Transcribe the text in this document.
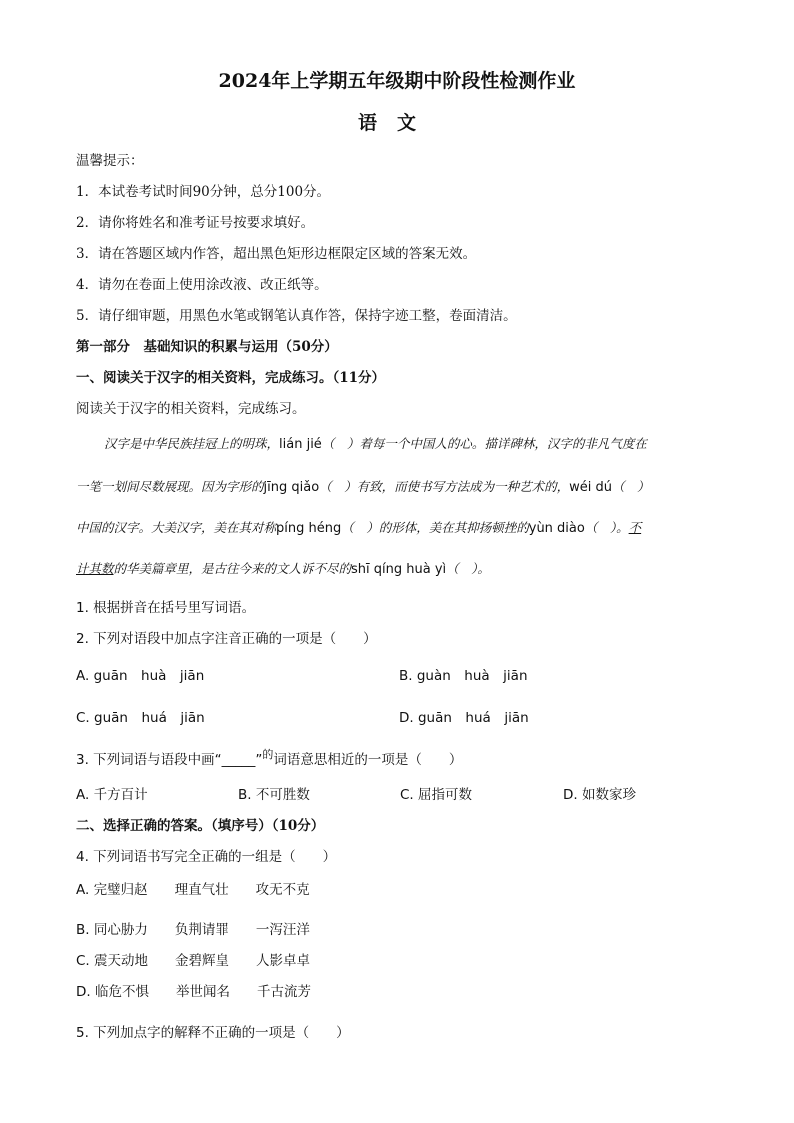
2024年上学期五年级期中阶段性检测作业
语文
温馨提示：
1．本试卷考试时间90分钟，总分100分。
2．请你将姓名和准考证号按要求填好。
3．请在答题区域内作答，超出黑色矩形边框限定区域的答案无效。
4．请勿在卷面上使用涂改液、改正纸等。
5．请仔细审题，用黑色水笔或钢笔认真作答，保持字迹工整，卷面清洁。
第一部分　基础知识的积累与运用（50分）
一、阅读关于汉字的相关资料，完成练习。（11分）
阅读关于汉字的相关资料，完成练习。
汉字是中华民族挂冠上的明珠，lián jié（　）着每一个中国人的心。描详碑林，汉字的非凡气度在
一笔一划间尽数展现。因为字形的jīng qiǎo（　）有致，而使书写方法成为一种艺术的，wéi dú（　）
中国的汉字。大美汉字，美在其对称píng héng（　）的形体，美在其抑扬顿挫的yùn diào（　）。不
计其数的华美篇章里，是古往今来的文人诉不尽的shī qíng huà yì（　）。
1. 根据拼音在括号里写词语。
2. 下列对语段中加点字注音正确的一项是（　　）
A. guān　huà　jiān	B. guàn　huà　jiān
C. guān　huá　jiān	D. guān　huá　jiān
3. 下列词语与语段中画“_____”$^的$词语意思相近的一项是（　　）
A. 千方百计	B. 不可胜数	C. 屈指可数	D. 如数家珍
二、选择正确的答案。（填序号）（10分）
4. 下列词语书写完全正确的一组是（　　）
A. 完璧归赵　　理直气壮　　攻无不克
B. 同心胁力　　负荆请罪　　一泻汪洋
C. 震天动地　　金碧辉皇　　人影卓卓
D. 临危不惧　　举世闻名　　千古流芳
5. 下列加点字的解释不正确的一项是（　　）
